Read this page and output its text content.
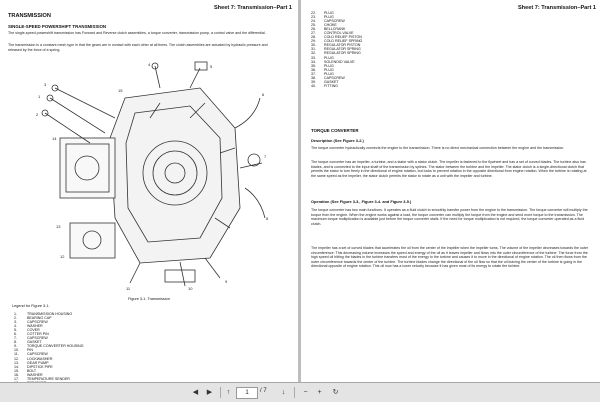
Sheet 7: Transmission–Part 1
TRANSMISSION
SINGLE-SPEED POWERSHIFT TRANSMISSION
The single-speed powershift transmission has Forward and Reverse clutch assemblies, a torque converter, transmission pump, a control valve and the differential.
The transmission is a constant mesh type in that the gears are in contact with each other at all times. The clutch assemblies are actuated by hydraulic pressure and released by the force of a spring.
1
2
3
4	5
6
7
8
9
10
11
12
13
14
15
Figure 3-1. Transmission
Legend for Figure 3-1.
1.	TRANSMISSION HOUSING
2.	BEARING CAP
3.	CAPSCREW
4.	WASHER
5.	COVER
6.	COTTER PIN
7.	CAPSCREW
8.	GASKET
9.	TORQUE CONVERTER HOUSING
10. PIN
11. CAPSCREW
12. LOCKWASHER
13. GEAR PUMP
14. DIPSTICK PIPE
15. BOLT
16. WASHER
17. TEMPERATURE SENDER
Sheet 7: Transmission–Part 1
22. PLUG
23. PLUG
24. CAPSCREW
25. CHOKE
26. BELLCRANK
27. CONTROL VALVE
28. COLD RELIEF PISTON
29. COLD RELIEF SPRING
30. REGULATOR PISTON
31. REGULATOR SPRING
32. REGULATOR SPRING
33. PLUG
34. SOLENOID VALVE
35. PLUG
36. PLUG
37. PLUG
38. CAPSCREW
39. GASKET
40. FITTING
TORQUE CONVERTER
Description (See Figure 3-2.)
The torque converter hydraulically connects the engine to the transmission. There is no direct mechanical connection between the engine and the transmission.
The torque converter has an impeller, a turbine, and a stator with a stator clutch. The impeller is fastened to the flywheel and has a set of curved blades. The turbine also has blades, and is connected to the input shaft of the transmission by splines. The stator between the turbine and the impeller. The stator clutch is a single-directional clutch that permits the stator to turn freely in the directional of engine rotation, but locks to prevent rotation in the opposite directional from engine rotation. When the turbine is rotating at the same speed as the impeller, the stator clutch permits the stator to rotate as a unit with the impeller and turbine.
Operation (See Figure 3-3., Figure 3-4. and Figure 3-5.)
The torque converter has two main functions. It operates as a fluid clutch to smoothly transfer power from the engine to the transmission. The torque converter will multiply the torque from the engine. When the engine works against a load, the torque converter can multiply the torque from the engine and send more torque to the transmission. The maximum torque multiplication is available just before the torque converter stalls. If the need for torque multiplication is not required, the torque converter operated as a fluid clutch.
The impeller has a set of curved blades that accelerates the oil from the center of the impeller when the impeller turns. The volume of the impeller decreases towards the outer circumference. This decreasing volume increases the speed and energy of the oil as it leaves impeller and flows into the outer circumference of the turbine. The force from the high speed oil hitting the blades in the turbine transfers most of the energy to the turbine and causes it to move in the directional of engine rotation. The oil then flows from the outer circumference towards the center of the turbine. The turbine blades change the directional of the oil flow so that the oil leaving the center of the turbine is going in the directional opposite of engine rotation. This oil now has a lower velocity because it has given most of its energy to rotate the turbine.
◀	▶	↑	1	/ 7	↓	−	+	↻
